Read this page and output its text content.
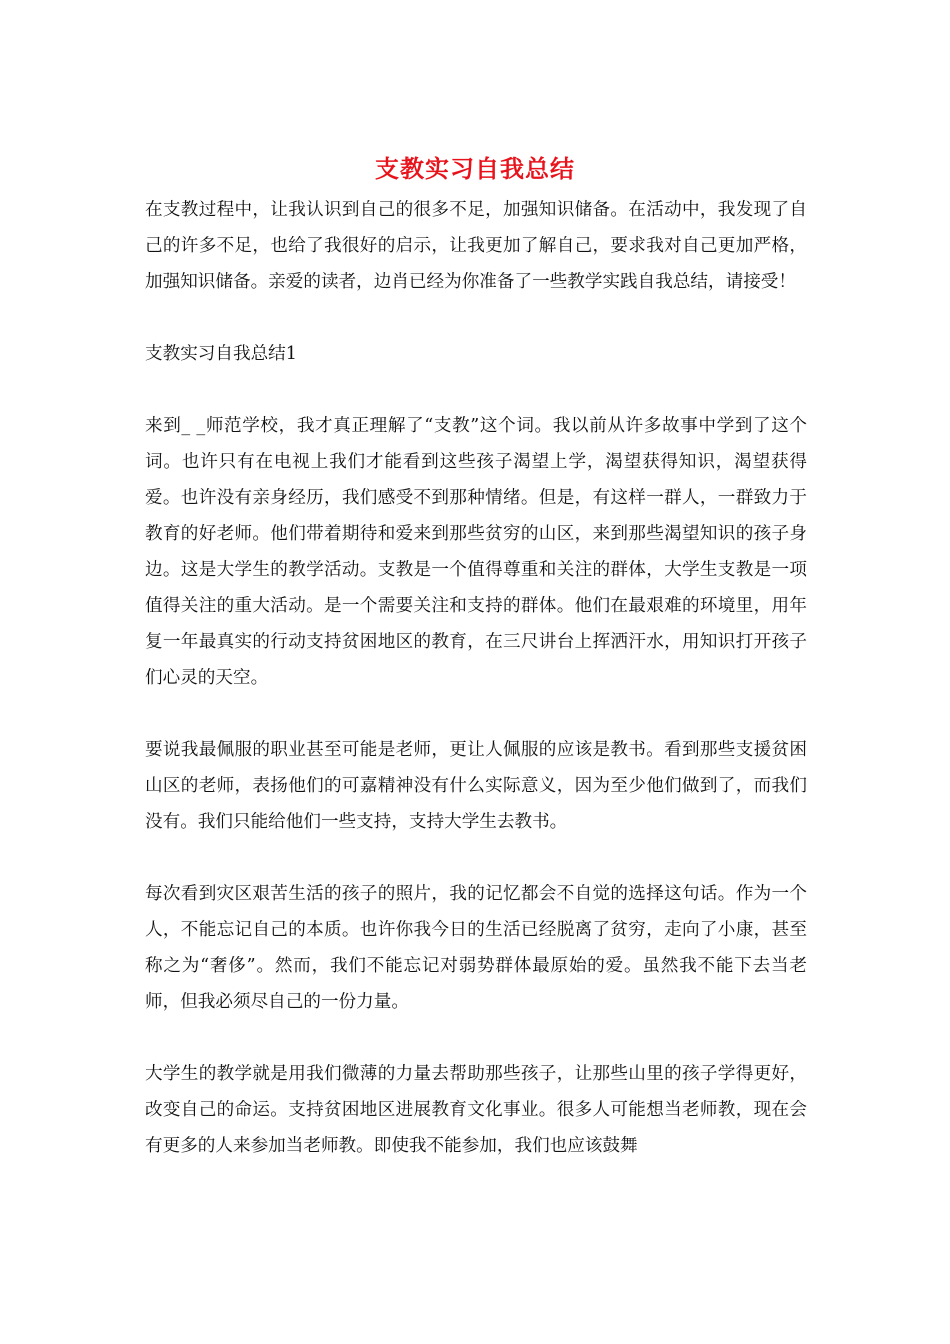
支教实习自我总结

在支教过程中，让我认识到自己的很多不足，加强知识储备。在活动中，我发现了自己的许多不足，也给了我很好的启示，让我更加了解自己，要求我对自己更加严格，加强知识储备。亲爱的读者，边肖已经为你准备了一些教学实践自我总结，请接受！

支教实习自我总结1

来到_ _师范学校，我才真正理解了“支教”这个词。我以前从许多故事中学到了这个词。也许只有在电视上我们才能看到这些孩子渴望上学，渴望获得知识，渴望获得爱。也许没有亲身经历，我们感受不到那种情绪。但是，有这样一群人，一群致力于教育的好老师。他们带着期待和爱来到那些贫穷的山区，来到那些渴望知识的孩子身边。这是大学生的教学活动。支教是一个值得尊重和关注的群体，大学生支教是一项值得关注的重大活动。是一个需要关注和支持的群体。他们在最艰难的环境里，用年复一年最真实的行动支持贫困地区的教育，在三尺讲台上挥洒汗水，用知识打开孩子们心灵的天空。

要说我最佩服的职业甚至可能是老师，更让人佩服的应该是教书。看到那些支援贫困山区的老师，表扬他们的可嘉精神没有什么实际意义，因为至少他们做到了，而我们没有。我们只能给他们一些支持，支持大学生去教书。

每次看到灾区艰苦生活的孩子的照片，我的记忆都会不自觉的选择这句话。作为一个人，不能忘记自己的本质。也许你我今日的生活已经脱离了贫穷，走向了小康，甚至称之为“奢侈”。然而，我们不能忘记对弱势群体最原始的爱。虽然我不能下去当老师，但我必须尽自己的一份力量。

大学生的教学就是用我们微薄的力量去帮助那些孩子，让那些山里的孩子学得更好，改变自己的命运。支持贫困地区进展教育文化事业。很多人可能想当老师教，现在会有更多的人来参加当老师教。即使我不能参加，我们也应该鼓舞
